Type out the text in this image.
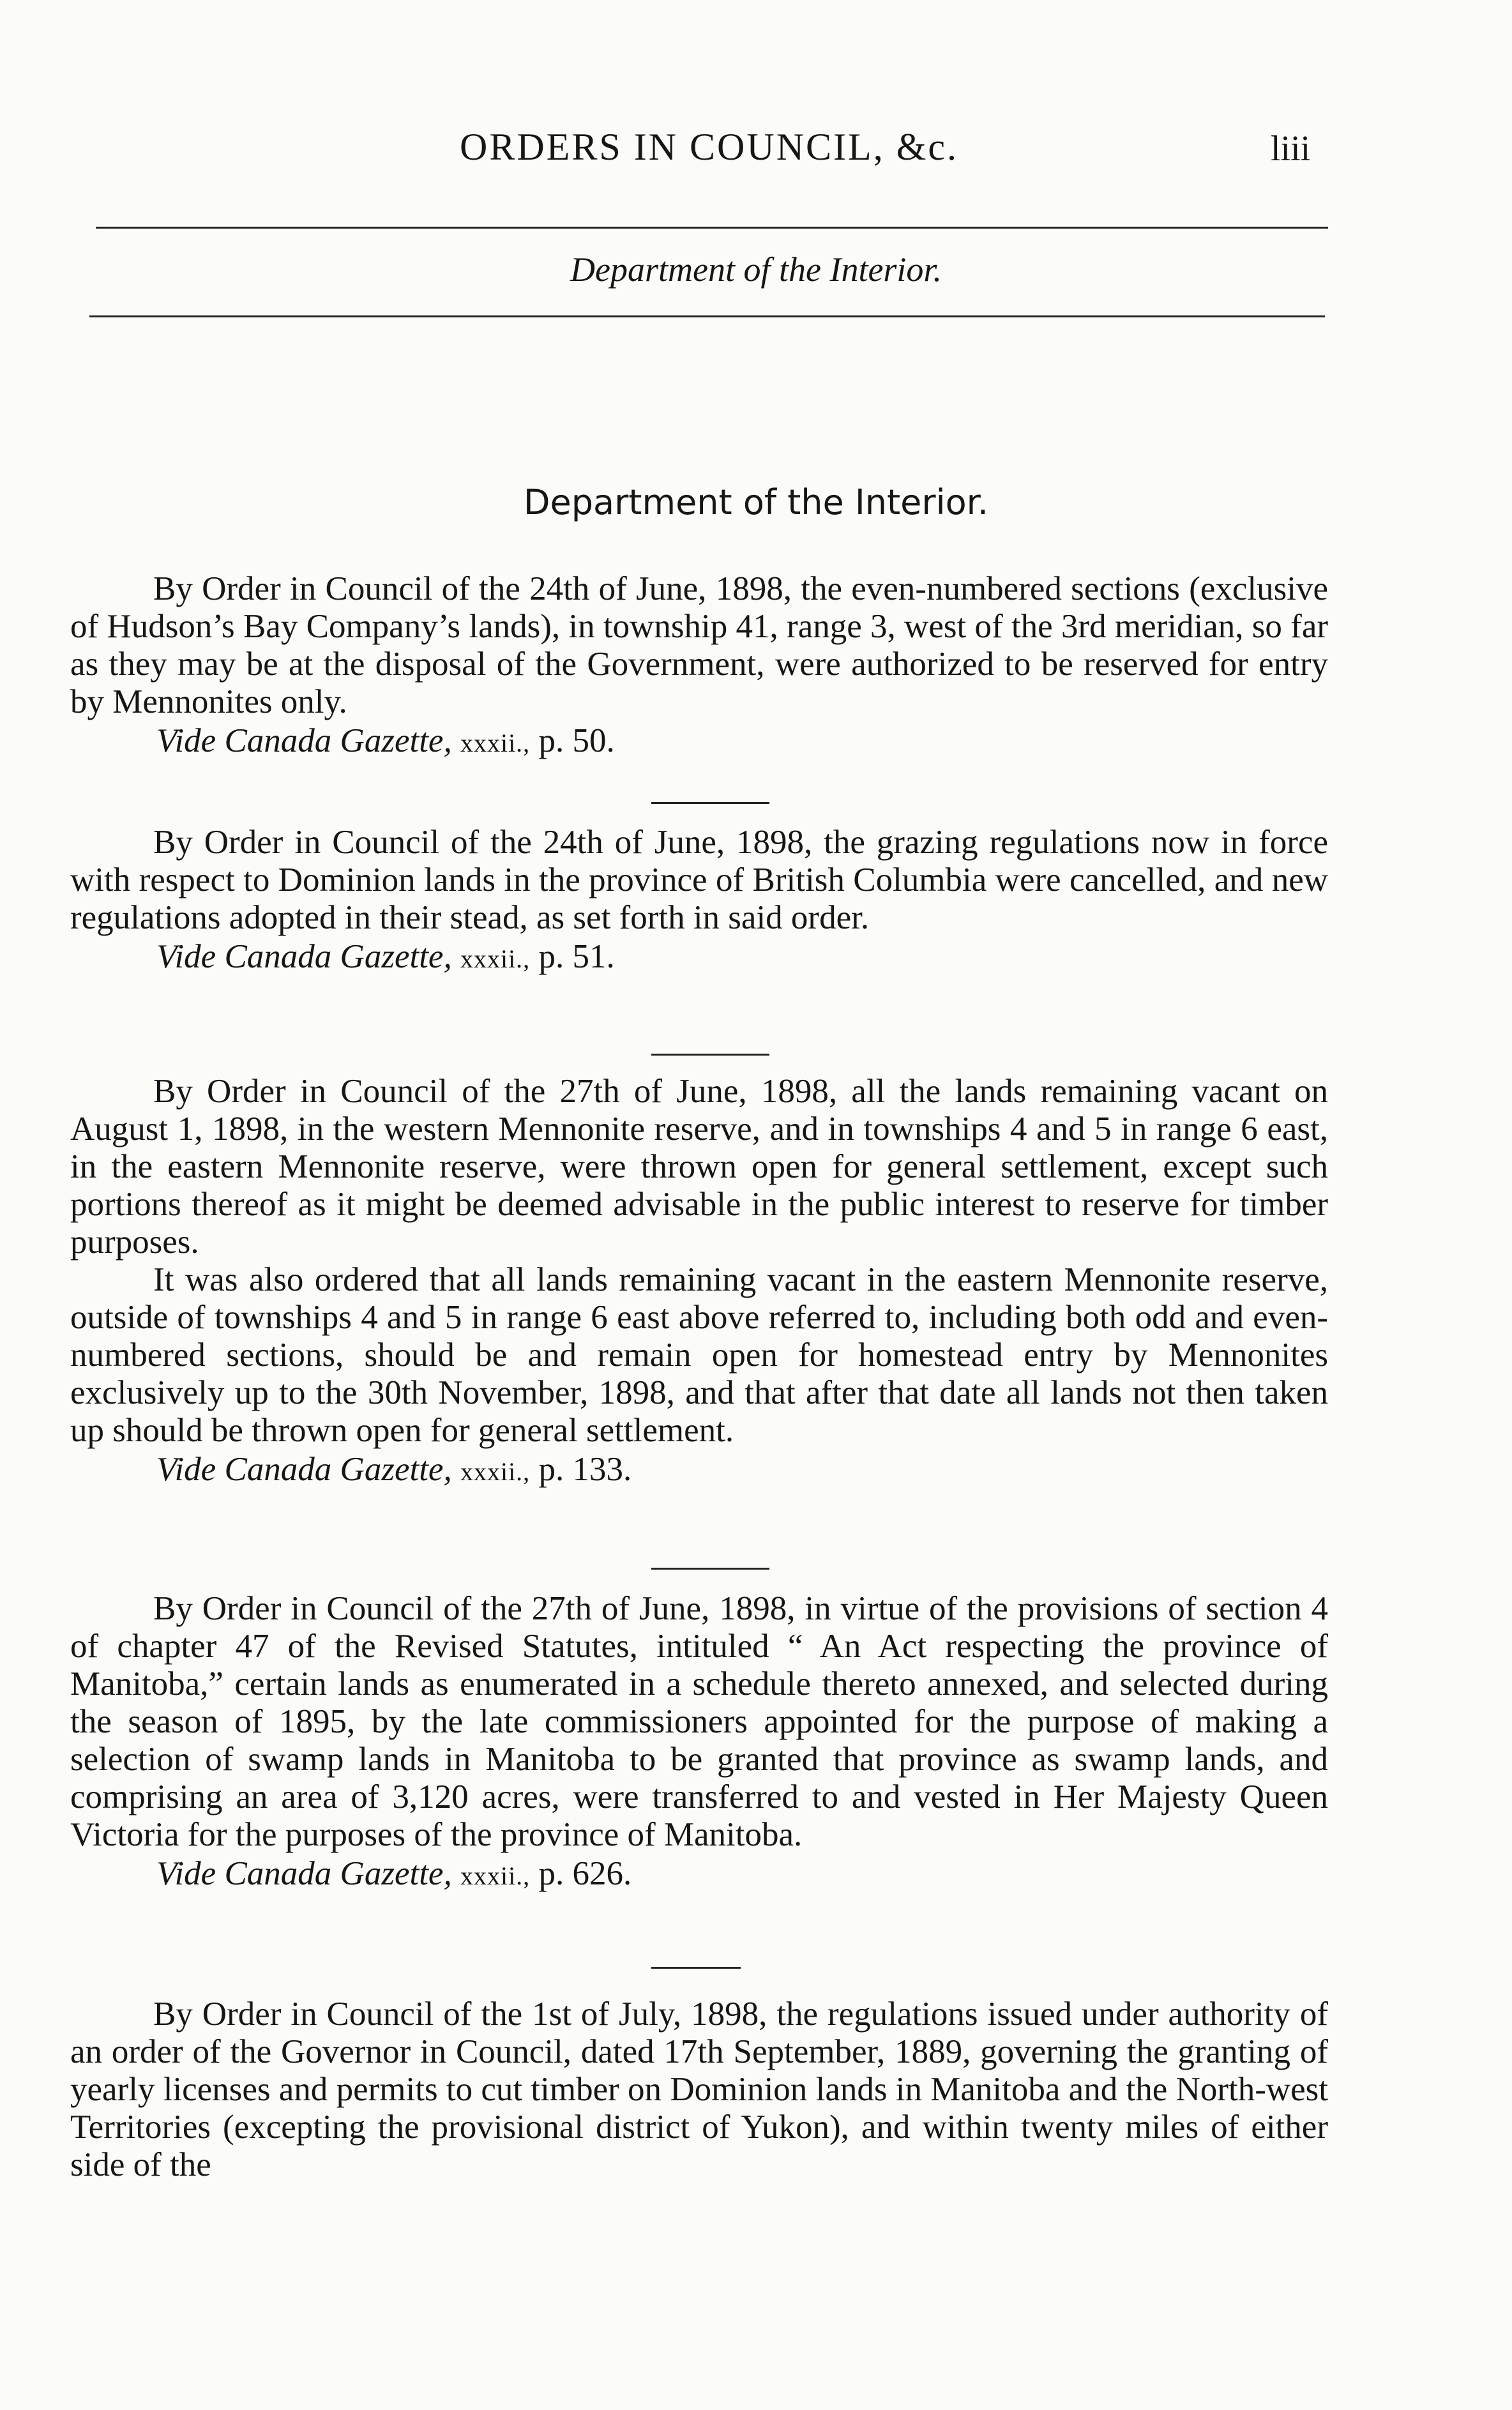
ORDERS IN COUNCIL, &c.	liii
Department of the Interior.
Department of the Interior.

By Order in Council of the 24th of June, 1898, the even-numbered sections (exclusive of Hudson’s Bay Company’s lands), in township 41, range 3, west of the 3rd meridian, so far as they may be at the disposal of the Government, were authorized to be reserved for entry by Mennonites only.

Vide Canada Gazette, xxxii., p. 50.

By Order in Council of the 24th of June, 1898, the grazing regulations now in force with respect to Dominion lands in the province of British Columbia were cancelled, and new regulations adopted in their stead, as set forth in said order.

Vide Canada Gazette, xxxii., p. 51.

By Order in Council of the 27th of June, 1898, all the lands remaining vacant on August 1, 1898, in the western Mennonite reserve, and in townships 4 and 5 in range 6 east, in the eastern Mennonite reserve, were thrown open for general settlement, except such portions thereof as it might be deemed advisable in the public interest to reserve for timber purposes.

It was also ordered that all lands remaining vacant in the eastern Mennonite reserve, outside of townships 4 and 5 in range 6 east above referred to, including both odd and even-numbered sections, should be and remain open for homestead entry by Mennonites exclusively up to the 30th November, 1898, and that after that date all lands not then taken up should be thrown open for general settlement.

Vide Canada Gazette, xxxii., p. 133.

By Order in Council of the 27th of June, 1898, in virtue of the provisions of section 4 of chapter 47 of the Revised Statutes, intituled “ An Act respecting the province of Manitoba,” certain lands as enumerated in a schedule thereto annexed, and selected during the season of 1895, by the late commissioners appointed for the purpose of making a selection of swamp lands in Manitoba to be granted that province as swamp lands, and comprising an area of 3,120 acres, were transferred to and vested in Her Majesty Queen Victoria for the purposes of the province of Manitoba.

Vide Canada Gazette, xxxii., p. 626.

By Order in Council of the 1st of July, 1898, the regulations issued under authority of an order of the Governor in Council, dated 17th September, 1889, governing the granting of yearly licenses and permits to cut timber on Dominion lands in Manitoba and the North-west Territories (excepting the provisional district of Yukon), and within twenty miles of either side of the
